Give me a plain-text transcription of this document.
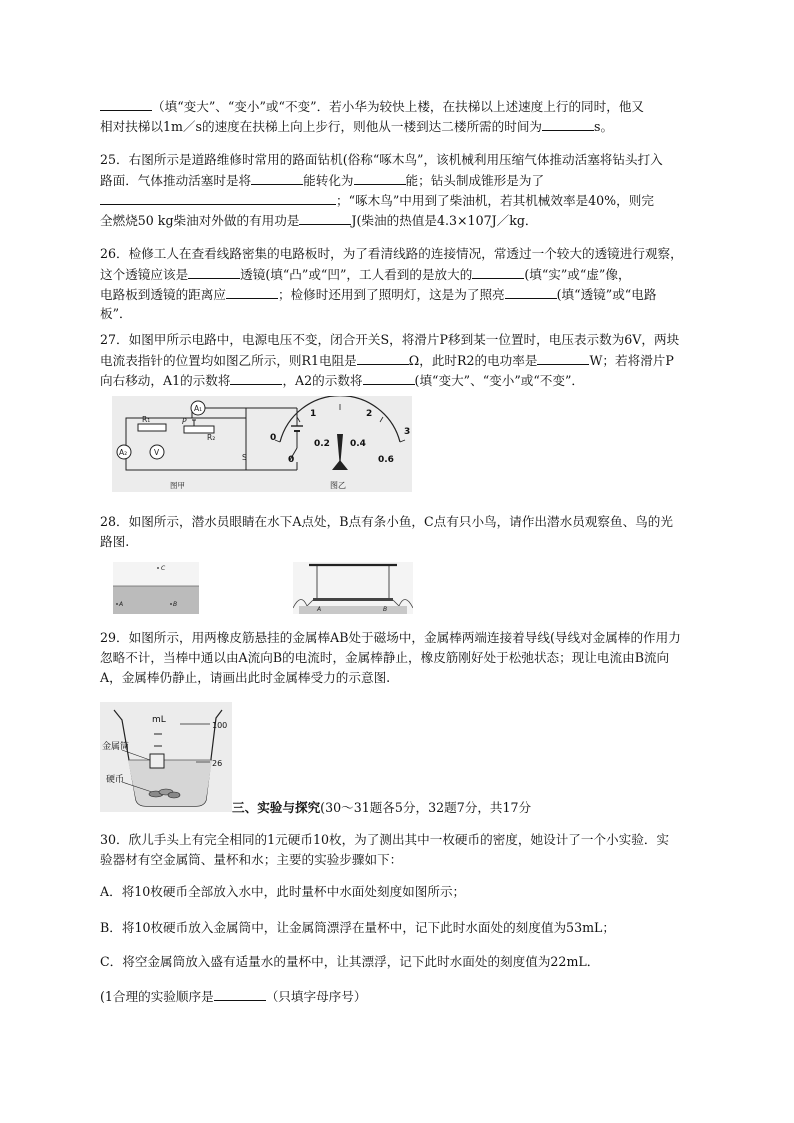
（填“变大”、“变小”或“不变”．若小华为较快上楼，在扶梯以上述速度上行的同时，他又
相对扶梯以1m／s的速度在扶梯上向上步行，则他从一楼到达二楼所需的时间为	s。
25．右图所示是道路维修时常用的路面钻机(俗称“啄木鸟”，该机械利用压缩气体推动活塞将钻头打入
路面．气体推动活塞时是将	能转化为	能；钻头制成锥形是为了
；“啄木鸟”中用到了柴油机，若其机械效率是40%，则完
全燃烧50 kg柴油对外做的有用功是	J(柴油的热值是4.3×107J／kg．
26．检修工人在查看线路密集的电路板时，为了看清线路的连接情况，常透过一个较大的透镜进行观察，
这个透镜应该是	透镜(填“凸”或“凹”，工人看到的是放大的	(填“实”或“虚”像，
电路板到透镜的距离应	；检修时还用到了照明灯，这是为了照亮	(填“透镜”或“电路
板”．
27．如图甲所示电路中，电源电压不变，闭合开关S，将滑片P移到某一位置时，电压表示数为6V，两块
电流表指针的位置均如图乙所示，则R1电阻是	Ω，此时R2的电功率是	W；若将滑片P
向右移动，A1的示数将	，A2的示数将	(填“变大”、“变小”或“不变”．
A₁
A₂	V
R₁
R₂
P
S
图甲
0
1	2
3
0
0.2 0.4
0.6
图乙
28．如图所示，潜水员眼睛在水下A点处，B点有条小鱼，C点有只小鸟，请作出潜水员观察鱼、鸟的光
路图.
C
A	B
A	B
29．如图所示，用两橡皮筋悬挂的金属棒AB处于磁场中，金属棒两端连接着导线(导线对金属棒的作用力
忽略不计，当棒中通以由A流向B的电流时，金属棒静止，橡皮筋刚好处于松弛状态；现让电流由B流向
A，金属棒仍静止，请画出此时金属棒受力的示意图.
mL
100
26
金属筒
硬币
三、实验与探究(30～31题各5分，32题7分，共17分
30．欣儿手头上有完全相同的1元硬币10枚，为了测出其中一枚硬币的密度，她设计了一个小实验．实
验器材有空金属筒、量杯和水；主要的实验步骤如下：
A．将10枚硬币全部放入水中，此时量杯中水面处刻度如图所示；
B．将10枚硬币放入金属筒中，让金属筒漂浮在量杯中，记下此时水面处的刻度值为53mL；
C．将空金属筒放入盛有适量水的量杯中，让其漂浮，记下此时水面处的刻度值为22mL．
(1合理的实验顺序是	（只填字母序号）
